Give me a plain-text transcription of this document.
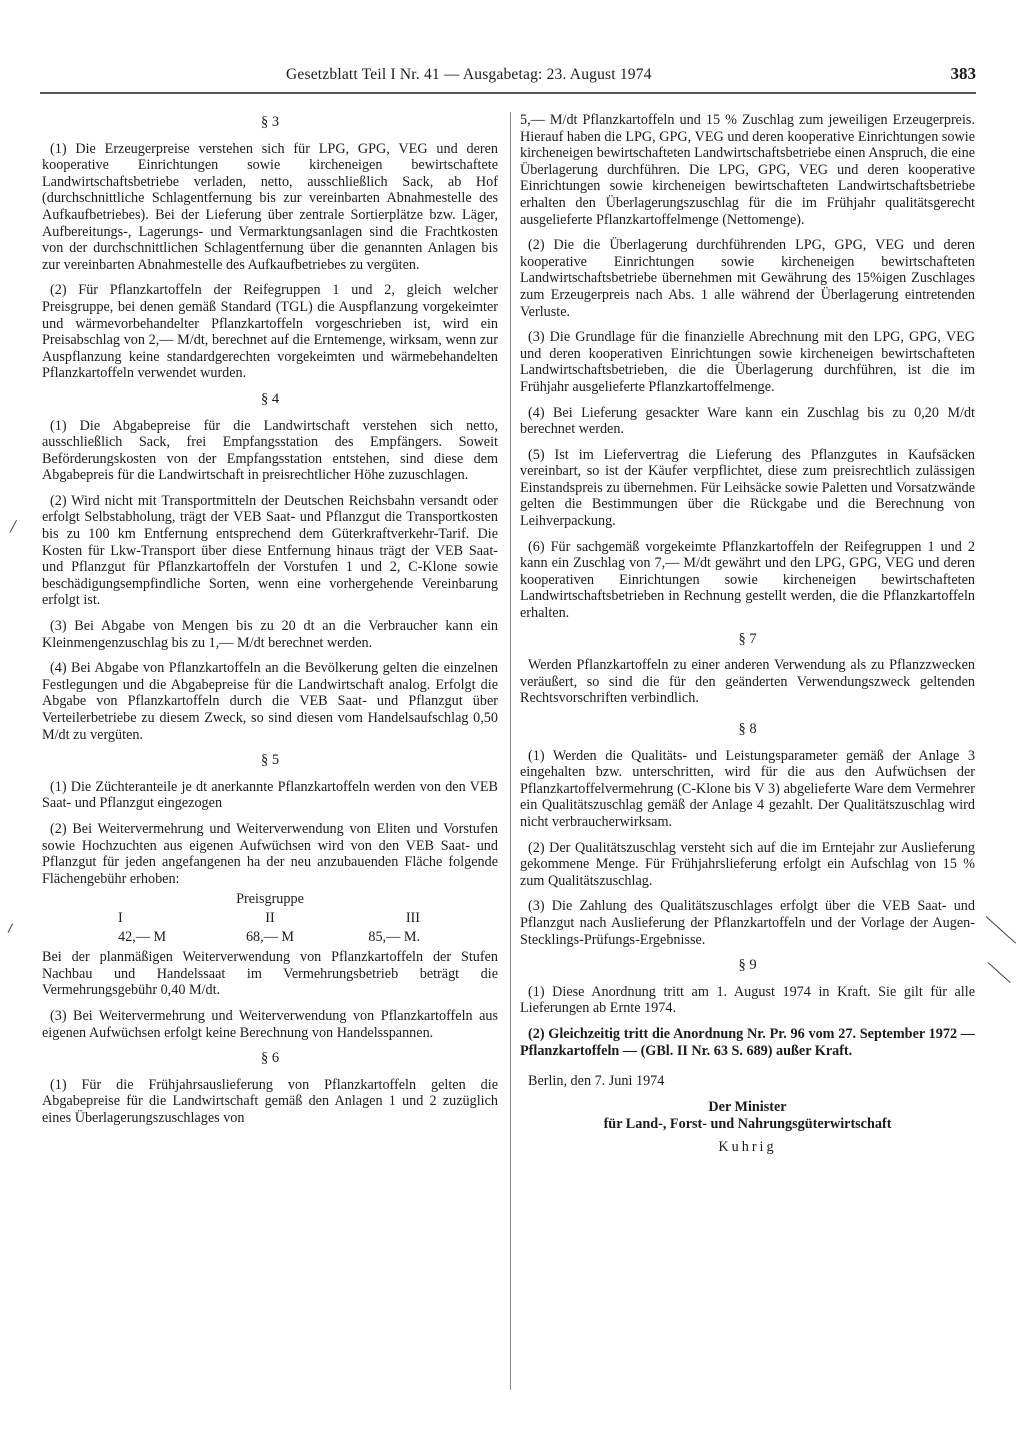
Gesetzblatt Teil I Nr. 41 — Ausgabetag: 23. August 1974	383
§ 3

(1) Die Erzeugerpreise verstehen sich für LPG, GPG, VEG und deren kooperative Einrichtungen sowie kircheneigen bewirtschaftete Landwirtschaftsbetriebe verladen, netto, ausschließlich Sack, ab Hof (durchschnittliche Schlagentfernung bis zur vereinbarten Abnahmestelle des Aufkaufbetriebes). Bei der Lieferung über zentrale Sortierplätze bzw. Läger, Aufbereitungs-, Lagerungs- und Vermarktungsanlagen sind die Frachtkosten von der durchschnittlichen Schlagentfernung über die genannten Anlagen bis zur vereinbarten Abnahmestelle des Aufkaufbetriebes zu vergüten.

(2) Für Pflanzkartoffeln der Reifegruppen 1 und 2, gleich welcher Preisgruppe, bei denen gemäß Standard (TGL) die Auspflanzung vorgekeimter und wärmevorbehandelter Pflanzkartoffeln vorgeschrieben ist, wird ein Preisabschlag von 2,— M/dt, berechnet auf die Erntemenge, wirksam, wenn zur Auspflanzung keine standardgerechten vorgekeimten und wärmebehandelten Pflanzkartoffeln verwendet wurden.

§ 4

(1) Die Abgabepreise für die Landwirtschaft verstehen sich netto, ausschließlich Sack, frei Empfangsstation des Empfängers. Soweit Beförderungskosten von der Empfangsstation entstehen, sind diese dem Abgabepreis für die Landwirtschaft in preisrechtlicher Höhe zuzuschlagen.

(2) Wird nicht mit Transportmitteln der Deutschen Reichsbahn versandt oder erfolgt Selbstabholung, trägt der VEB Saat- und Pflanzgut die Transportkosten bis zu 100 km Entfernung entsprechend dem Güterkraftverkehr-Tarif. Die Kosten für Lkw-Transport über diese Entfernung hinaus trägt der VEB Saat- und Pflanzgut für Pflanzkartoffeln der Vorstufen 1 und 2, C-Klone sowie beschädigungsempfindliche Sorten, wenn eine vorhergehende Vereinbarung erfolgt ist.

(3) Bei Abgabe von Mengen bis zu 20 dt an die Verbraucher kann ein Kleinmengenzuschlag bis zu 1,— M/dt berechnet werden.

(4) Bei Abgabe von Pflanzkartoffeln an die Bevölkerung gelten die einzelnen Festlegungen und die Abgabepreise für die Landwirtschaft analog. Erfolgt die Abgabe von Pflanzkartoffeln durch die VEB Saat- und Pflanzgut über Verteilerbetriebe zu diesem Zweck, so sind diesen vom Handelsaufschlag 0,50 M/dt zu vergüten.

§ 5

(1) Die Züchteranteile je dt anerkannte Pflanzkartoffeln werden von den VEB Saat- und Pflanzgut eingezogen

(2) Bei Weitervermehrung und Weiterverwendung von Eliten und Vorstufen sowie Hochzuchten aus eigenen Aufwüchsen wird von den VEB Saat- und Pflanzgut für jeden angefangenen ha der neu anzubauenden Fläche folgende Flächengebühr erhoben:

Preisgruppe
I	II	III
42,— M	68,— M	85,— M.

Bei der planmäßigen Weiterverwendung von Pflanzkartoffeln der Stufen Nachbau und Handelssaat im Vermehrungsbetrieb beträgt die Vermehrungsgebühr 0,40 M/dt.

(3) Bei Weitervermehrung und Weiterverwendung von Pflanzkartoffeln aus eigenen Aufwüchsen erfolgt keine Berechnung von Handelsspannen.

§ 6

(1) Für die Frühjahrsauslieferung von Pflanzkartoffeln gelten die Abgabepreise für die Landwirtschaft gemäß den Anlagen 1 und 2 zuzüglich eines Überlagerungszuschlages von

5,— M/dt Pflanzkartoffeln und 15 % Zuschlag zum jeweiligen Erzeugerpreis. Hierauf haben die LPG, GPG, VEG und deren kooperative Einrichtungen sowie kircheneigen bewirtschafteten Landwirtschaftsbetriebe einen Anspruch, die eine Überlagerung durchführen. Die LPG, GPG, VEG und deren kooperative Einrichtungen sowie kircheneigen bewirtschafteten Landwirtschaftsbetriebe erhalten den Überlagerungszuschlag für die im Frühjahr qualitätsgerecht ausgelieferte Pflanzkartoffelmenge (Nettomenge).

(2) Die die Überlagerung durchführenden LPG, GPG, VEG und deren kooperative Einrichtungen sowie kircheneigen bewirtschafteten Landwirtschaftsbetriebe übernehmen mit Gewährung des 15%igen Zuschlages zum Erzeugerpreis nach Abs. 1 alle während der Überlagerung eintretenden Verluste.

(3) Die Grundlage für die finanzielle Abrechnung mit den LPG, GPG, VEG und deren kooperativen Einrichtungen sowie kircheneigen bewirtschafteten Landwirtschaftsbetrieben, die die Überlagerung durchführen, ist die im Frühjahr ausgelieferte Pflanzkartoffelmenge.

(4) Bei Lieferung gesackter Ware kann ein Zuschlag bis zu 0,20 M/dt berechnet werden.

(5) Ist im Liefervertrag die Lieferung des Pflanzgutes in Kaufsäcken vereinbart, so ist der Käufer verpflichtet, diese zum preisrechtlich zulässigen Einstandspreis zu übernehmen. Für Leihsäcke sowie Paletten und Vorsatzwände gelten die Bestimmungen über die Rückgabe und die Berechnung von Leihverpackung.

(6) Für sachgemäß vorgekeimte Pflanzkartoffeln der Reifegruppen 1 und 2 kann ein Zuschlag von 7,— M/dt gewährt und den LPG, GPG, VEG und deren kooperativen Einrichtungen sowie kircheneigen bewirtschafteten Landwirtschaftsbetrieben in Rechnung gestellt werden, die die Pflanzkartoffeln erhalten.

§ 7

Werden Pflanzkartoffeln zu einer anderen Verwendung als zu Pflanzzwecken veräußert, so sind die für den geänderten Verwendungszweck geltenden Rechtsvorschriften verbindlich.

§ 8

(1) Werden die Qualitäts- und Leistungsparameter gemäß der Anlage 3 eingehalten bzw. unterschritten, wird für die aus den Aufwüchsen der Pflanzkartoffelvermehrung (C-Klone bis V 3) abgelieferte Ware dem Vermehrer ein Qualitätszuschlag gemäß der Anlage 4 gezahlt. Der Qualitätszuschlag wird nicht verbraucherwirksam.

(2) Der Qualitätszuschlag versteht sich auf die im Erntejahr zur Auslieferung gekommene Menge. Für Frühjahrslieferung erfolgt ein Aufschlag von 15 % zum Qualitätszuschlag.

(3) Die Zahlung des Qualitätszuschlages erfolgt über die VEB Saat- und Pflanzgut nach Auslieferung der Pflanzkartoffeln und der Vorlage der Augen-Stecklings-Prüfungs-Ergebnisse.

§ 9

(1) Diese Anordnung tritt am 1. August 1974 in Kraft. Sie gilt für alle Lieferungen ab Ernte 1974.

(2) Gleichzeitig tritt die Anordnung Nr. Pr. 96 vom 27. September 1972 — Pflanzkartoffeln — (GBl. II Nr. 63 S. 689) außer Kraft.

Berlin, den 7. Juni 1974

Der Minister
für Land-, Forst- und Nahrungsgüterwirtschaft
Kuhrig
